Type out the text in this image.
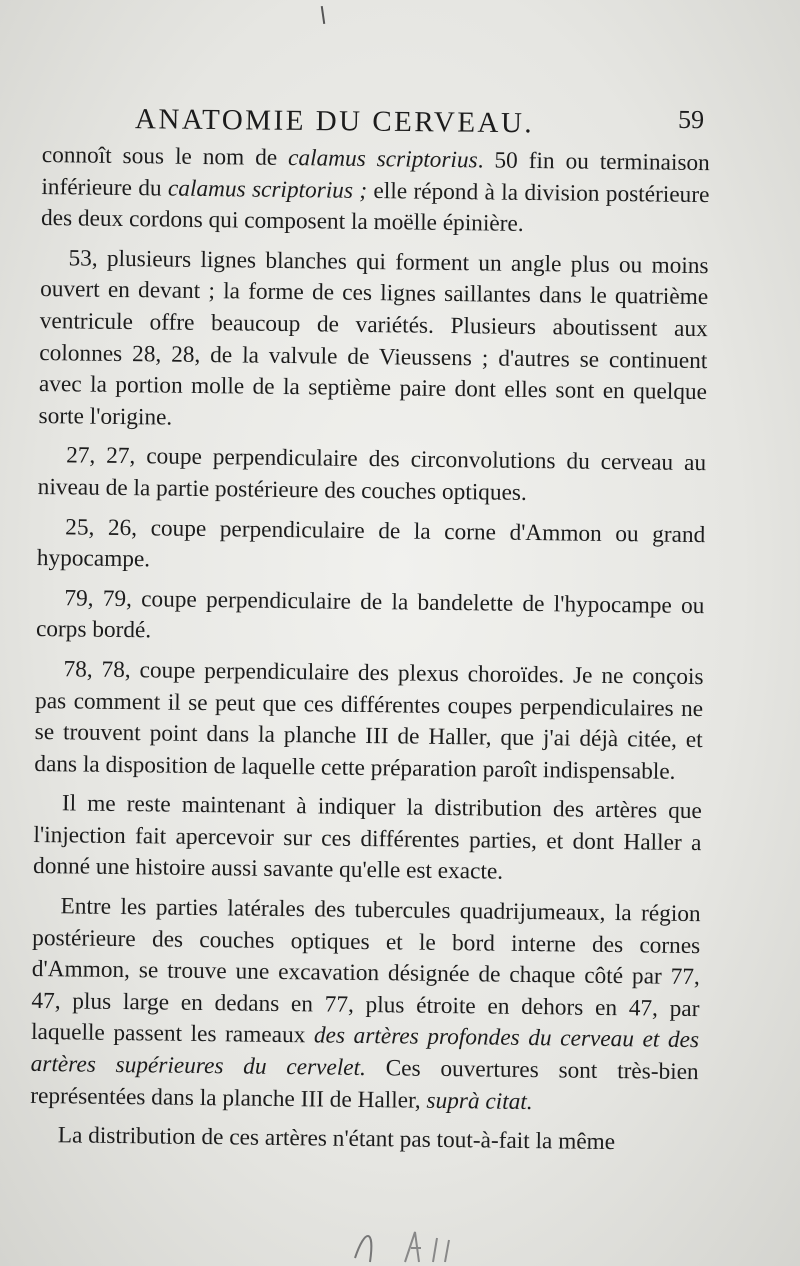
ANATOMIE DU CERVEAU.	59

connoît sous le nom de calamus scriptorius. 50 fin ou terminaison inférieure du calamus scriptorius ; elle répond à la division postérieure des deux cordons qui composent la moëlle épinière.

53, plusieurs lignes blanches qui forment un angle plus ou moins ouvert en devant ; la forme de ces lignes saillantes dans le quatrième ventricule offre beaucoup de variétés. Plusieurs aboutissent aux colonnes 28, 28, de la valvule de Vieussens ; d'autres se continuent avec la portion molle de la septième paire dont elles sont en quelque sorte l'origine.

27, 27, coupe perpendiculaire des circonvolutions du cerveau au niveau de la partie postérieure des couches optiques.

25, 26, coupe perpendiculaire de la corne d'Ammon ou grand hypocampe.

79, 79, coupe perpendiculaire de la bandelette de l'hypocampe ou corps bordé.

78, 78, coupe perpendiculaire des plexus choroïdes. Je ne conçois pas comment il se peut que ces différentes coupes perpendiculaires ne se trouvent point dans la planche III de Haller, que j'ai déjà citée, et dans la disposition de laquelle cette préparation paroît indispensable.

Il me reste maintenant à indiquer la distribution des artères que l'injection fait apercevoir sur ces différentes parties, et dont Haller a donné une histoire aussi savante qu'elle est exacte.

Entre les parties latérales des tubercules quadrijumeaux, la région postérieure des couches optiques et le bord interne des cornes d'Ammon, se trouve une excavation désignée de chaque côté par 77, 47, plus large en dedans en 77, plus étroite en dehors en 47, par laquelle passent les rameaux des artères profondes du cerveau et des artères supérieures du cervelet. Ces ouvertures sont très-bien représentées dans la planche III de Haller, suprà citat.

La distribution de ces artères n'étant pas tout-à-fait la même
